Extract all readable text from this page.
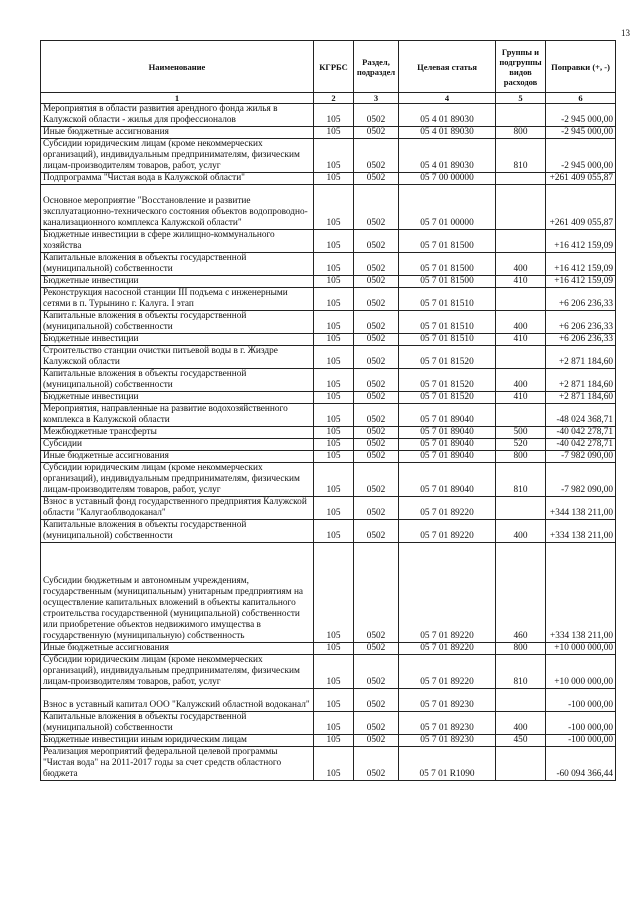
13
Наименование	КГРБС	Раздел, подраздел	Целевая статья	Группы и подгруппы видов расходов	Поправки (+, -)
1	2	3	4	5	6
Мероприятия в области развития арендного фонда жилья в Калужской области - жилья для профессионалов	105	0502	05 4 01 89030		-2 945 000,00
Иные бюджетные ассигнования	105	0502	05 4 01 89030	800	-2 945 000,00
Субсидии юридическим лицам (кроме некоммерческих организаций), индивидуальным предпринимателям, физическим лицам-производителям товаров, работ, услуг	105	0502	05 4 01 89030	810	-2 945 000,00
Подпрограмма "Чистая вода в Калужской области"	105	0502	05 7 00 00000		+261 409 055,87
Основное мероприятие "Восстановление и развитие эксплуатационно-технического состояния объектов водопроводно-канализационного комплекса Калужской области"	105	0502	05 7 01 00000		+261 409 055,87
Бюджетные инвестиции в сфере жилищно-коммунального хозяйства	105	0502	05 7 01 81500		+16 412 159,09
Капитальные вложения в объекты государственной (муниципальной) собственности	105	0502	05 7 01 81500	400	+16 412 159,09
Бюджетные инвестиции	105	0502	05 7 01 81500	410	+16 412 159,09
Реконструкция насосной станции III подъема с инженерными сетями в п. Турынино г. Калуга. I этап	105	0502	05 7 01 81510		+6 206 236,33
Капитальные вложения в объекты государственной (муниципальной) собственности	105	0502	05 7 01 81510	400	+6 206 236,33
Бюджетные инвестиции	105	0502	05 7 01 81510	410	+6 206 236,33
Строительство станции очистки питьевой воды в г. Жиздре Калужской области	105	0502	05 7 01 81520		+2 871 184,60
Капитальные вложения в объекты государственной (муниципальной) собственности	105	0502	05 7 01 81520	400	+2 871 184,60
Бюджетные инвестиции	105	0502	05 7 01 81520	410	+2 871 184,60
Мероприятия, направленные на развитие водохозяйственного комплекса в Калужской области	105	0502	05 7 01 89040		-48 024 368,71
Межбюджетные трансферты	105	0502	05 7 01 89040	500	-40 042 278,71
Субсидии	105	0502	05 7 01 89040	520	-40 042 278,71
Иные бюджетные ассигнования	105	0502	05 7 01 89040	800	-7 982 090,00
Субсидии юридическим лицам (кроме некоммерческих организаций), индивидуальным предпринимателям, физическим лицам-производителям товаров, работ, услуг	105	0502	05 7 01 89040	810	-7 982 090,00
Взнос в уставный фонд государственного предприятия Калужской области "Калугаоблводоканал"	105	0502	05 7 01 89220		+344 138 211,00
Капитальные вложения в объекты государственной (муниципальной) собственности	105	0502	05 7 01 89220	400	+334 138 211,00
Субсидии бюджетным и автономным учреждениям, государственным (муниципальным) унитарным предприятиям на осуществление капитальных вложений в объекты капитального строительства государственной (муниципальной) собственности или приобретение объектов недвижимого имущества в государственную (муниципальную) собственность	105	0502	05 7 01 89220	460	+334 138 211,00
Иные бюджетные ассигнования	105	0502	05 7 01 89220	800	+10 000 000,00
Субсидии юридическим лицам (кроме некоммерческих организаций), индивидуальным предпринимателям, физическим лицам-производителям товаров, работ, услуг	105	0502	05 7 01 89220	810	+10 000 000,00
Взнос в уставный капитал ООО "Калужский областной водоканал"	105	0502	05 7 01 89230		-100 000,00
Капитальные вложения в объекты государственной (муниципальной) собственности	105	0502	05 7 01 89230	400	-100 000,00
Бюджетные инвестиции иным юридическим лицам	105	0502	05 7 01 89230	450	-100 000,00
Реализация мероприятий федеральной целевой программы "Чистая вода" на 2011-2017 годы за счет средств областного бюджета	105	0502	05 7 01 R1090		-60 094 366,44
